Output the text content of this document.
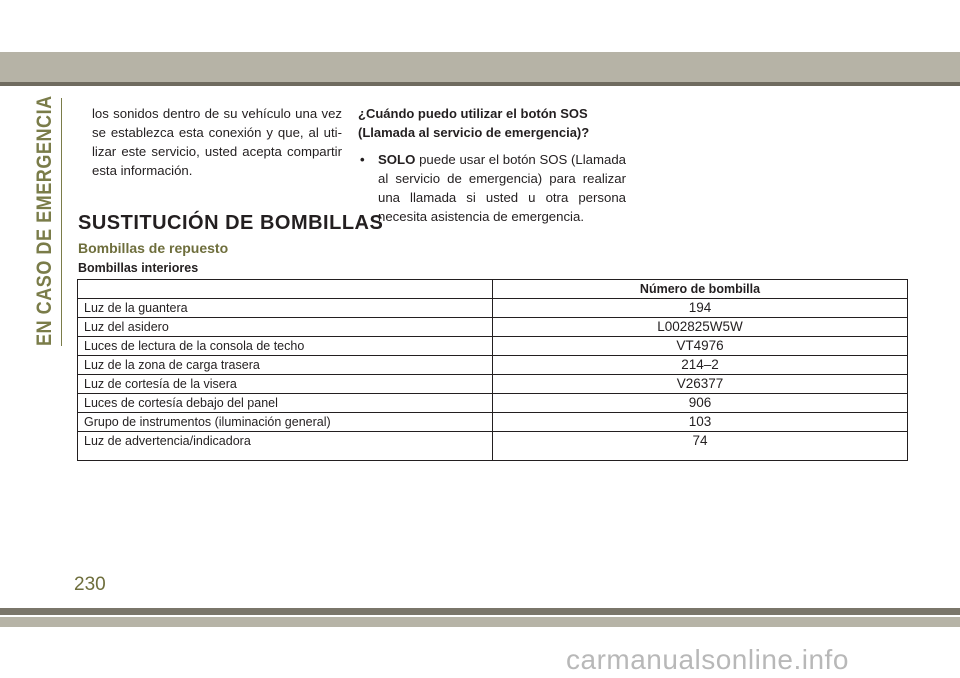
EN CASO DE EMERGENCIA	los sonidos dentro de su vehículo una vez se establezca esta conexión y que, al uti-lizar este servicio, usted acepta compartir esta información.
¿Cuándo puedo utilizar el botón SOS (Llamada al servicio de emergencia)?
• SOLO puede usar el botón SOS (Llamada al servicio de emergencia) para realizar una llamada si usted u otra persona necesita asistencia de emergencia.
SUSTITUCIÓN DE BOMBILLAS
Bombillas de repuesto
Bombillas interiores
	Número de bombilla
Luz de la guantera	194
Luz del asidero	L002825W5W
Luces de lectura de la consola de techo	VT4976
Luz de la zona de carga trasera	214–2
Luz de cortesía de la visera	V26377
Luces de cortesía debajo del panel	906
Grupo de instrumentos (iluminación general)	103
Luz de advertencia/indicadora	74
230
carmanualsonline.info
